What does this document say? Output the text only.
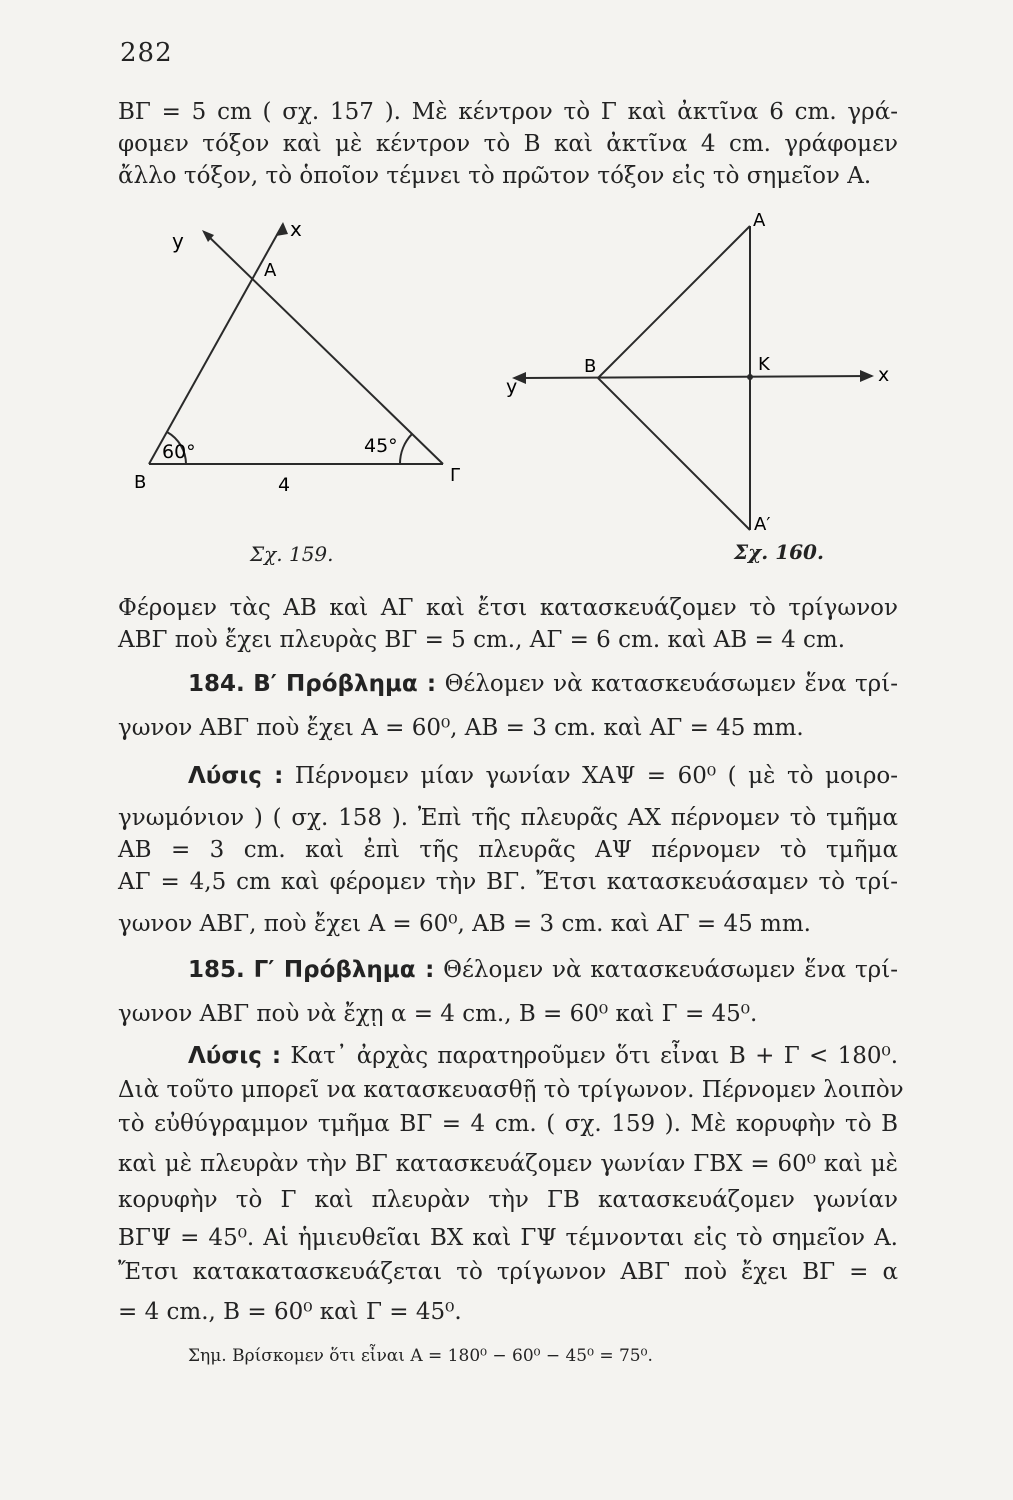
282
ΒΓ = 5 cm ( σχ. 157 ). Μὲ κέντρον τὸ Γ καὶ ἀκτῖνα 6 cm. γρά-
φομεν τόξον καὶ μὲ κέντρον τὸ Β καὶ ἀκτῖνα 4 cm. γράφομεν
ἄλλο τόξον, τὸ ὁποῖον τέμνει τὸ πρῶτον τόξον εἰς τὸ σημεῖον Α.
y	x
A
B	Γ
60°	45°
4
Σχ. 159.
A
B	K	x
y
A′
Σχ. 160.
Φέρομεν τὰς ΑΒ καὶ ΑΓ καὶ ἔτσι κατασκευάζομεν τὸ τρίγωνον
ΑΒΓ ποὺ ἔχει πλευρὰς ΒΓ = 5 cm., ΑΓ = 6 cm. καὶ ΑΒ = 4 cm.
184. Β′ Πρόβλημα : Θέλομεν νὰ κατασκευάσωμεν ἕνα τρί-
γωνον ΑΒΓ ποὺ ἔχει Α = 60⁰, ΑΒ = 3 cm. καὶ ΑΓ = 45 mm.
Λύσις : Πέρνομεν μίαν γωνίαν ΧΑΨ = 60⁰ ( μὲ τὸ μοιρο-
γνωμόνιον ) ( σχ. 158 ). Ἐπὶ τῆς πλευρᾶς ΑΧ πέρνομεν τὸ τμῆμα
ΑΒ = 3 cm. καὶ ἐπὶ τῆς πλευρᾶς ΑΨ πέρνομεν τὸ τμῆμα
ΑΓ = 4,5 cm καὶ φέρομεν τὴν ΒΓ. Ἔτσι κατασκευάσαμεν τὸ τρί-
γωνον ΑΒΓ, ποὺ ἔχει Α = 60⁰, ΑΒ = 3 cm. καὶ ΑΓ = 45 mm.
185. Γ′ Πρόβλημα : Θέλομεν νὰ κατασκευάσωμεν ἕνα τρί-
γωνον ΑΒΓ ποὺ νὰ ἔχῃ α = 4 cm., Β = 60⁰ καὶ Γ = 45⁰.
Λύσις : Κατ᾿ ἀρχὰς παρατηροῦμεν ὅτι εἶναι Β + Γ < 180⁰.
Διὰ τοῦτο μπορεῖ να κατασκευασθῇ τὸ τρίγωνον. Πέρνομεν λοιπὸν
τὸ εὐθύγραμμον τμῆμα ΒΓ = 4 cm. ( σχ. 159 ). Μὲ κορυφὴν τὸ Β
καὶ μὲ πλευρὰν τὴν ΒΓ κατασκευάζομεν γωνίαν ΓΒΧ = 60⁰ καὶ μὲ
κορυφὴν τὸ Γ καὶ πλευρὰν τὴν ΓΒ κατασκευάζομεν γωνίαν
ΒΓΨ = 45⁰. Αἱ ἡμιευθεῖαι ΒΧ καὶ ΓΨ τέμνονται εἰς τὸ σημεῖον Α.
Ἔτσι κατακατασκευάζεται τὸ τρίγωνον ΑΒΓ ποὺ ἔχει ΒΓ = α
= 4 cm., Β = 60⁰ καὶ Γ = 45⁰.
Σημ. Βρίσκομεν ὅτι εἶναι Α = 180⁰ − 60⁰ − 45⁰ = 75⁰.
